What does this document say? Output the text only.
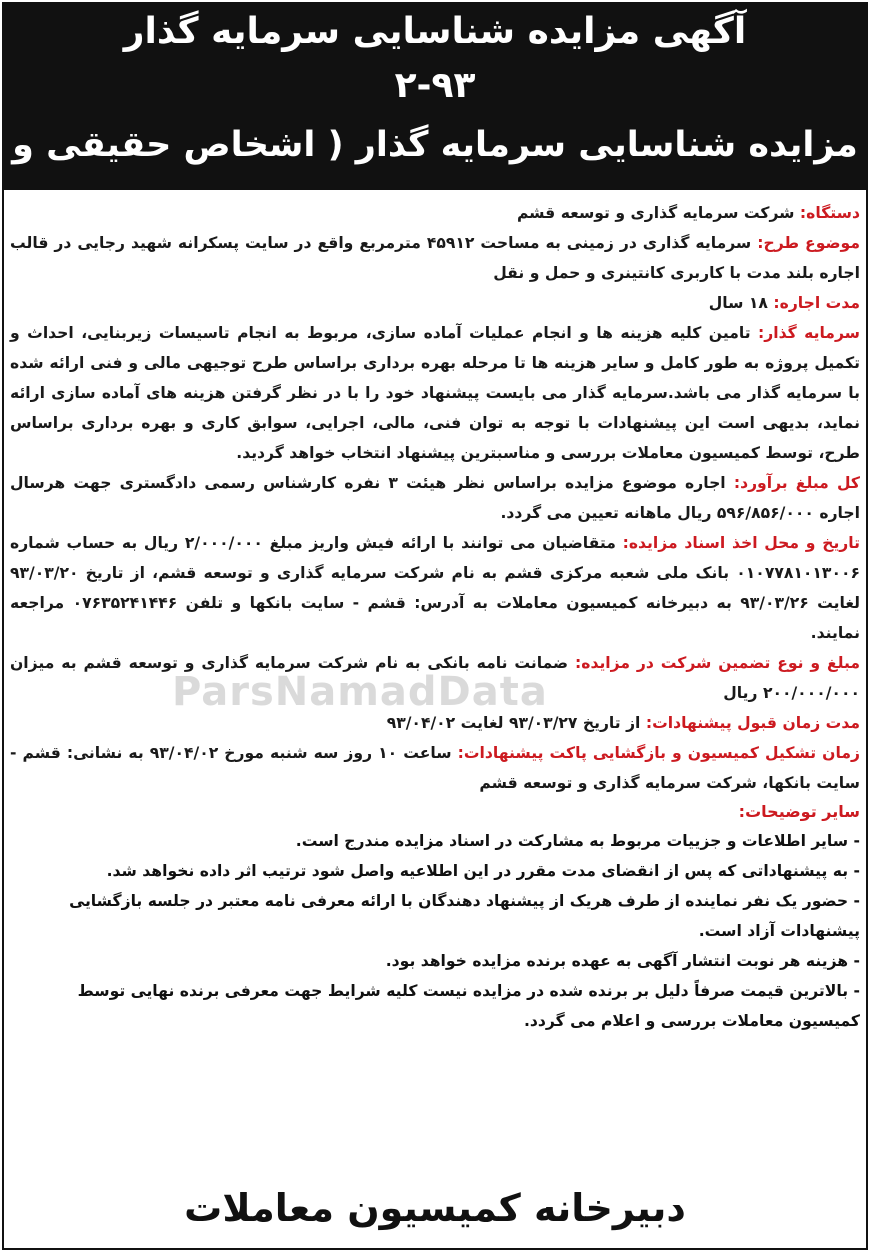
آگهی مزایده شناسایی سرمایه گذار
۲-۹۳
مزایده شناسایی سرمایه گذار ( اشخاص حقیقی و حقوقی )	دستگاه: شرکت سرمایه گذاری و توسعه قشم

موضوع طرح: سرمایه گذاری در زمینی به مساحت ۴۵۹۱۲ مترمربع واقع در سایت پسکرانه شهید رجایی در قالب اجاره بلند مدت با کاربری کانتینری و حمل و نقل

مدت اجاره: ۱۸ سال

سرمایه گذار: تامین کلیه هزینه ها و انجام عملیات آماده سازی، مربوط به انجام تاسیسات زیربنایی، احداث و تکمیل پروژه به طور کامل و سایر هزینه ها تا مرحله بهره برداری براساس طرح توجیهی مالی و فنی ارائه شده با سرمایه گذار می باشد.سرمایه گذار می بایست پیشنهاد خود را با در نظر گرفتن هزینه های آماده سازی ارائه نماید، بدیهی است این پیشنهادات با توجه به توان فنی، مالی، اجرایی، سوابق کاری و بهره برداری براساس طرح، توسط کمیسیون معاملات بررسی و مناسبترین پیشنهاد انتخاب خواهد گردید.

کل مبلغ برآورد: اجاره موضوع مزایده براساس نظر هیئت ۳ نفره کارشناس رسمی دادگستری جهت هرسال اجاره ۵۹۶/۸۵۶/۰۰۰ ریال ماهانه تعیین می گردد.

تاریخ و محل اخذ اسناد مزایده: متقاضیان می توانند با ارائه فیش واریز مبلغ ۲/۰۰۰/۰۰۰ ریال به حساب شماره ۰۱۰۷۷۸۱۰۱۳۰۰۶ بانک ملی شعبه مرکزی قشم به نام شرکت سرمایه گذاری و توسعه قشم، از تاریخ ۹۳/۰۳/۲۰ لغایت ۹۳/۰۳/۲۶ به دبیرخانه کمیسیون معاملات به آدرس: قشم - سایت بانکها و تلفن ۰۷۶۳۵۲۴۱۴۴۶ مراجعه نمایند.

مبلغ و نوع تضمین شرکت در مزایده: ضمانت نامه بانکی به نام شرکت سرمایه گذاری و توسعه قشم به میزان ۲۰۰/۰۰۰/۰۰۰ ریال

مدت زمان قبول پیشنهادات: از تاریخ ۹۳/۰۳/۲۷ لغایت ۹۳/۰۴/۰۲

زمان تشکیل کمیسیون و بازگشایی پاکت پیشنهادات: ساعت ۱۰ روز سه شنبه مورخ ۹۳/۰۴/۰۲ به نشانی: قشم - سایت بانکها، شرکت سرمایه گذاری و توسعه قشم

سایر توضیحات:

- سایر اطلاعات و جزییات مربوط به مشارکت در اسناد مزایده مندرج است.

- به پیشنهاداتی که پس از انقضای مدت مقرر در این اطلاعیه واصل شود ترتیب اثر داده نخواهد شد.

- حضور یک نفر نماینده از طرف هریک از پیشنهاد دهندگان با ارائه معرفی نامه معتبر در جلسه بازگشایی پیشنهادات آزاد است.

- هزینه هر نوبت انتشار آگهی به عهده برنده مزایده خواهد بود.

- بالاترین قیمت صرفاً دلیل بر برنده شده در مزایده نیست کلیه شرایط جهت معرفی برنده نهایی توسط کمیسیون معاملات بررسی و اعلام می گردد.

ParsNamadData
دبیرخانه کمیسیون معاملات
